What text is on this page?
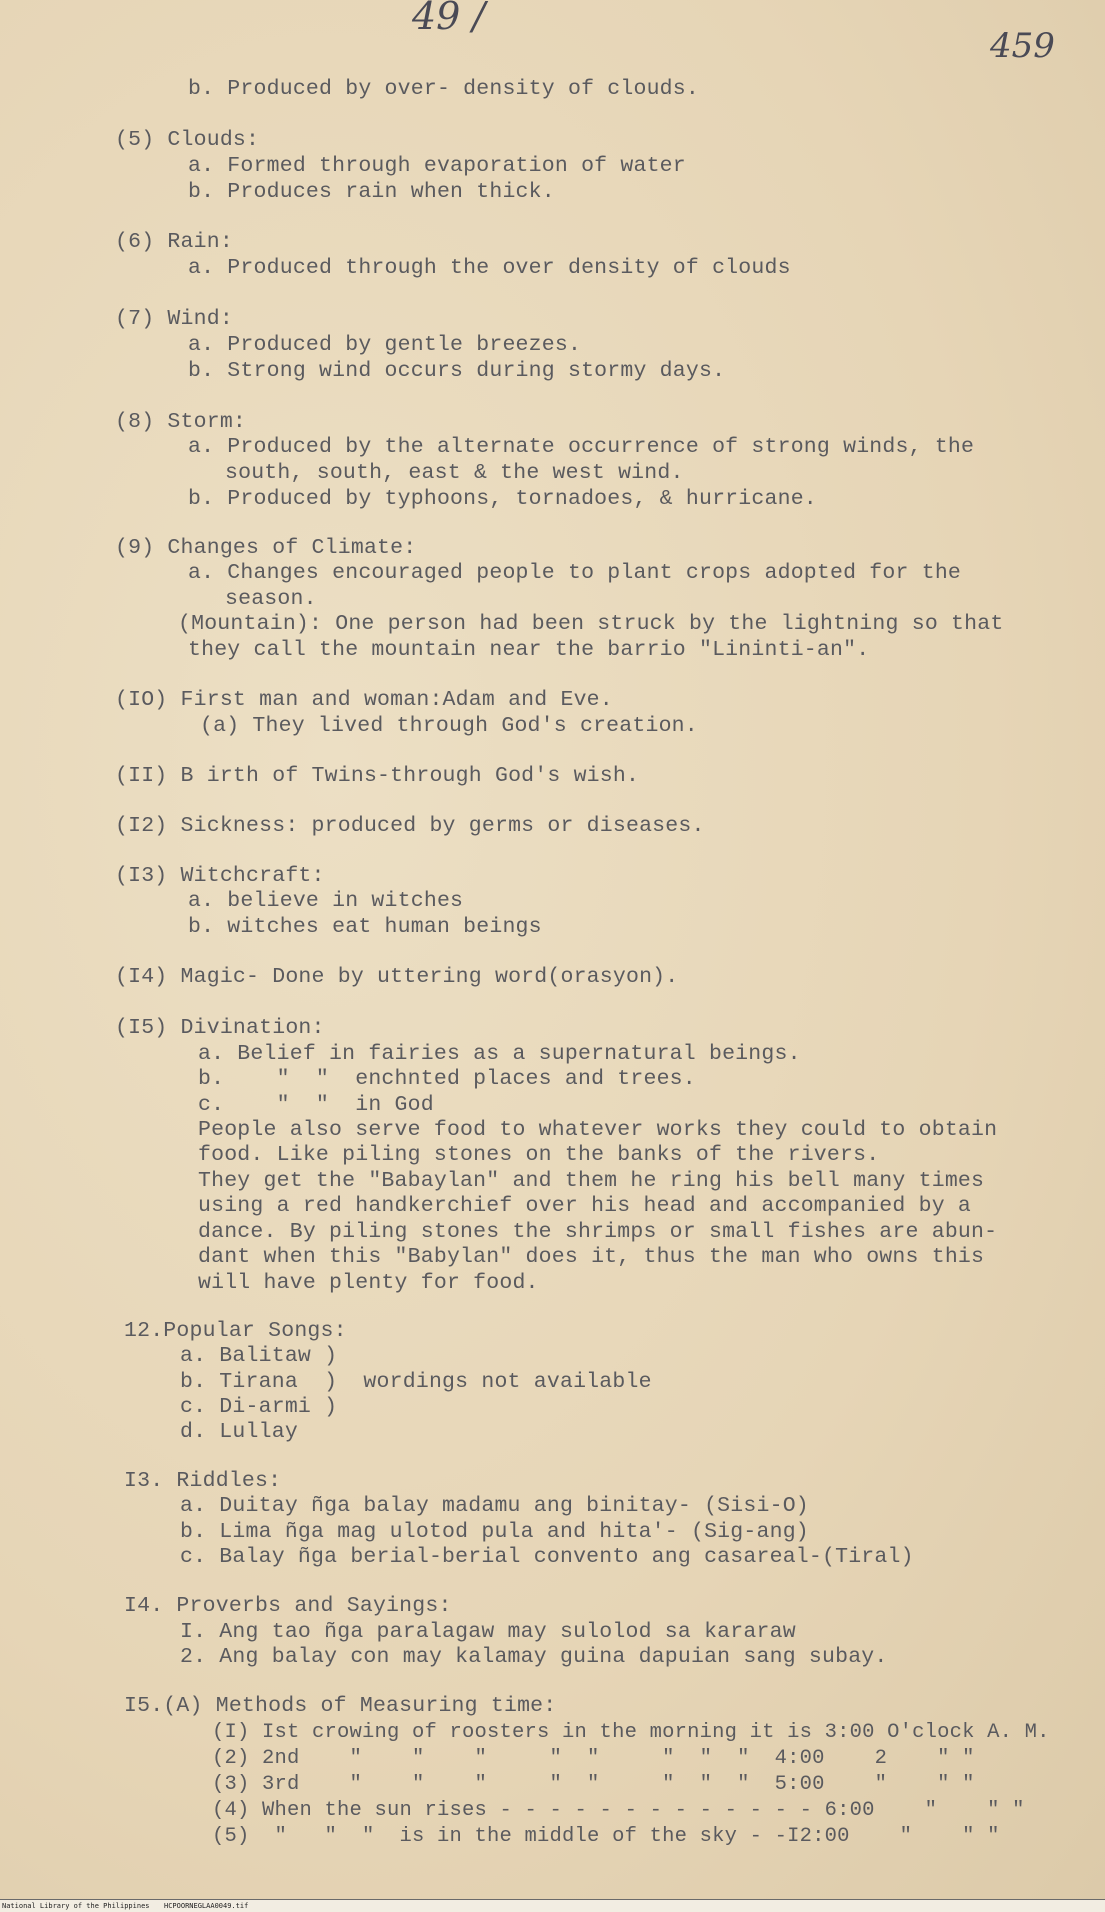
49 /
459
b. Produced by over- density of clouds.
(5) Clouds:
a. Formed through evaporation of water
b. Produces rain when thick.
(6) Rain:
a. Produced through the over density of clouds
(7) Wind:
a. Produced by gentle breezes.
b. Strong wind occurs during stormy days.
(8) Storm:
a. Produced by the alternate occurrence of strong winds, the
south, south, east & the west wind.
b. Produced by typhoons, tornadoes, & hurricane.
(9) Changes of Climate:
a. Changes encouraged people to plant crops adopted for the
season.
(Mountain): One person had been struck by the lightning so that
they call the mountain near the barrio "Lininti-an".
(IO) First man and woman:Adam and Eve.
(a) They lived through God's creation.
(II) B irth of Twins-through God's wish.
(I2) Sickness: produced by germs or diseases.
(I3) Witchcraft:
a. believe in witches
b. witches eat human beings
(I4) Magic- Done by uttering word(orasyon).
(I5) Divination:
a. Belief in fairies as a supernatural beings.
b.    "  "  enchnted places and trees.
c.    "  "  in God
People also serve food to whatever works they could to obtain
food. Like piling stones on the banks of the rivers.
They get the "Babaylan" and them he ring his bell many times
using a red handkerchief over his head and accompanied by a
dance. By piling stones the shrimps or small fishes are abun-
dant when this "Babylan" does it, thus the man who owns this
will have plenty for food.
12.Popular Songs:
a. Balitaw )
b. Tirana  )  wordings not available
c. Di-armi )
d. Lullay
I3. Riddles:
a. Duitay ñga balay madamu ang binitay- (Sisi-O)
b. Lima ñga mag ulotod pula and hita'- (Sig-ang)
c. Balay ñga berial-berial convento ang casareal-(Tiral)
I4. Proverbs and Sayings:
I. Ang tao ñga paralagaw may sulolod sa kararaw
2. Ang balay con may kalamay guina dapuian sang subay.
I5.(A) Methods of Measuring time:
(I) Ist crowing of roosters in the morning it is 3:00 O'clock A. M.
(2) 2nd    "    "    "     "  "     "  "  "  4:00    2    " "
(3) 3rd    "    "    "     "  "     "  "  "  5:00    "    " "
(4) When the sun rises - - - - - - - - - - - - - 6:00    "    " "
(5)  "   "  "  is in the middle of the sky - -I2:00    "    " "
National Library of the Philippines HCPOORNEGLAA0049.tif
